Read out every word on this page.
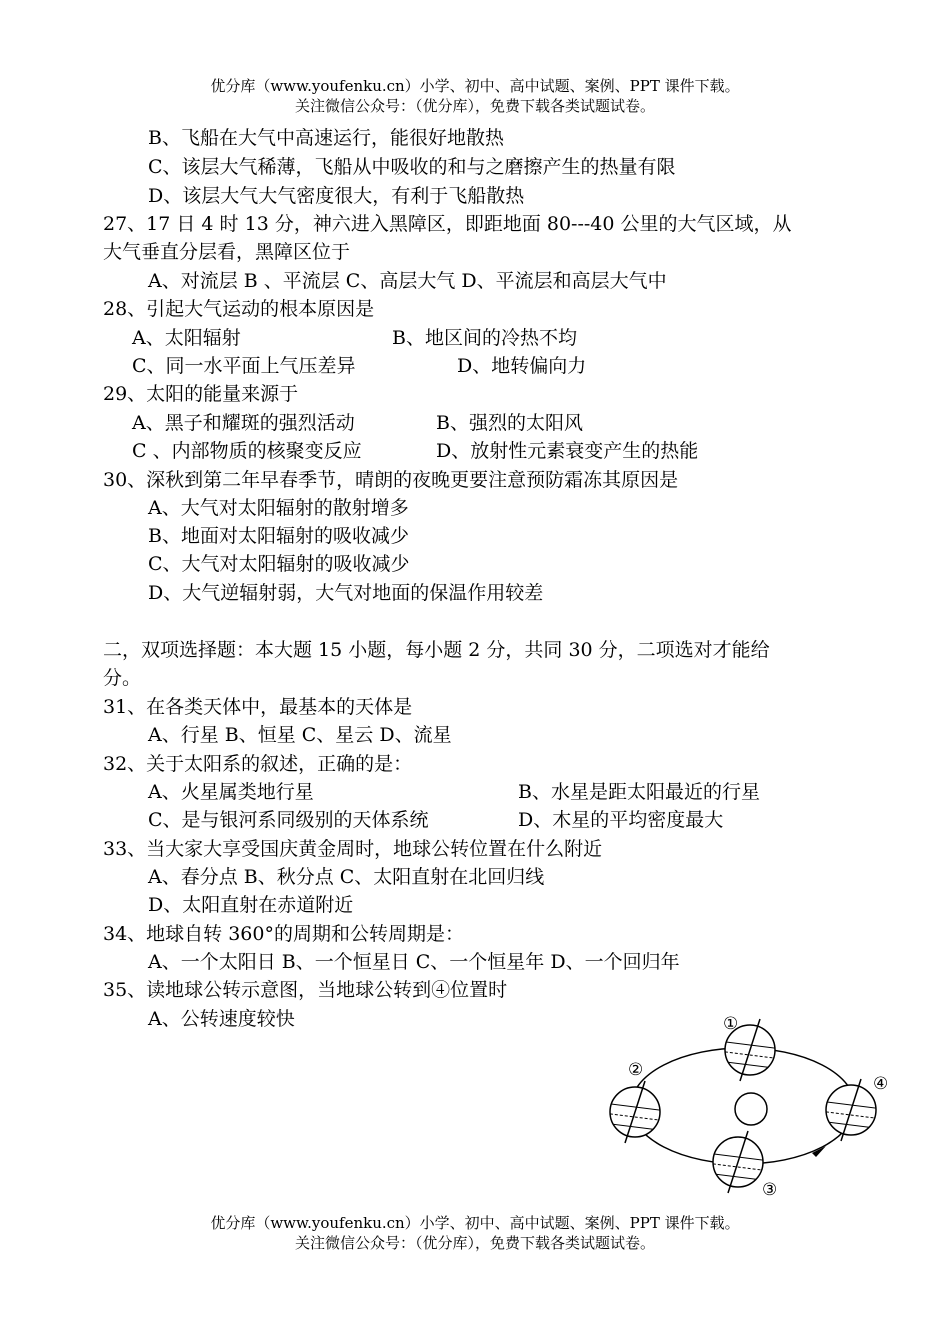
优分库（www.youfenku.cn）小学、初中、高中试题、案例、PPT 课件下载。
关注微信公众号：（优分库），免费下载各类试题试卷。
B、飞船在大气中高速运行，能很好地散热
C、该层大气稀薄，飞船从中吸收的和与之磨擦产生的热量有限
D、该层大气大气密度很大，有利于飞船散热
27、17 日 4 时 13 分，神六进入黑障区，即距地面 80---40 公里的大气区域，从
大气垂直分层看，黑障区位于
A、对流层 B 、平流层 C、高层大气 D、平流层和高层大气中
28、引起大气运动的根本原因是
A、太阳辐射	B、地区间的冷热不均
C、同一水平面上气压差异	D、地转偏向力
29、太阳的能量来源于
A、黑子和耀斑的强烈活动	B、强烈的太阳风
C 、内部物质的核聚变反应	D、放射性元素衰变产生的热能
30、深秋到第二年早春季节，晴朗的夜晚更要注意预防霜冻其原因是
A、大气对太阳辐射的散射增多
B、地面对太阳辐射的吸收减少
C、大气对太阳辐射的吸收减少
D、大气逆辐射弱，大气对地面的保温作用较差
二，双项选择题：本大题 15 小题，每小题 2 分，共同 30 分，二项选对才能给
分。
31、在各类天体中，最基本的天体是
A、行星 B、恒星 C、星云 D、流星
32、关于太阳系的叙述，正确的是：
A、火星属类地行星	B、水星是距太阳最近的行星
C、是与银河系同级别的天体系统	D、木星的平均密度最大
33、当大家大享受国庆黄金周时，地球公转位置在什么附近
A、春分点 B、秋分点 C、太阳直射在北回归线
D、太阳直射在赤道附近
34、地球自转 360°的周期和公转周期是：
A、一个太阳日 B、一个恒星日 C、一个恒星年 D、一个回归年
35、读地球公转示意图，当地球公转到④位置时
A、公转速度较快	①
②
③
④
优分库（www.youfenku.cn）小学、初中、高中试题、案例、PPT 课件下载。
关注微信公众号：（优分库），免费下载各类试题试卷。
